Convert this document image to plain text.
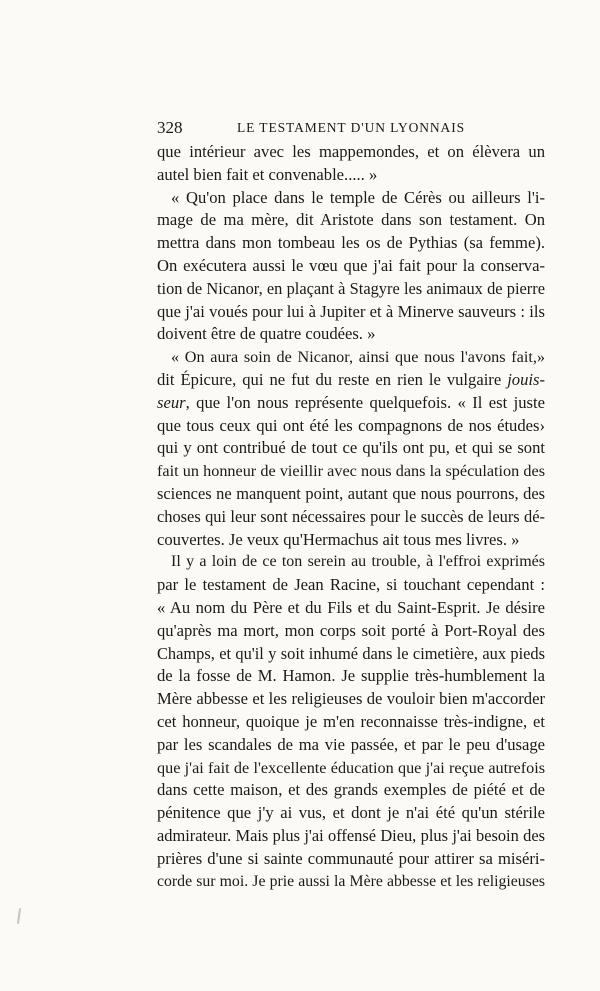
328	LE TESTAMENT D'UN LYONNAIS
que intérieur avec les mappemondes, et on élèvera un
autel bien fait et convenable..... »
« Qu'on place dans le temple de Cérès ou ailleurs l'i-
mage de ma mère, dit Aristote dans son testament. On
mettra dans mon tombeau les os de Pythias (sa femme).
On exécutera aussi le vœu que j'ai fait pour la conserva-
tion de Nicanor, en plaçant à Stagyre les animaux de pierre
que j'ai voués pour lui à Jupiter et à Minerve sauveurs : ils
doivent être de quatre coudées. »
« On aura soin de Nicanor, ainsi que nous l'avons fait,»
dit Épicure, qui ne fut du reste en rien le vulgaire jouis-
seur, que l'on nous représente quelquefois. « Il est juste
que tous ceux qui ont été les compagnons de nos études›
qui y ont contribué de tout ce qu'ils ont pu, et qui se sont
fait un honneur de vieillir avec nous dans la spéculation des
sciences ne manquent point, autant que nous pourrons, des
choses qui leur sont nécessaires pour le succès de leurs dé-
couvertes. Je veux qu'Hermachus ait tous mes livres. »
Il y a loin de ce ton serein au trouble, à l'effroi exprimés
par le testament de Jean Racine, si touchant cependant :
« Au nom du Père et du Fils et du Saint-Esprit. Je désire
qu'après ma mort, mon corps soit porté à Port-Royal des
Champs, et qu'il y soit inhumé dans le cimetière, aux pieds
de la fosse de M. Hamon. Je supplie très-humblement la
Mère abbesse et les religieuses de vouloir bien m'accorder
cet honneur, quoique je m'en reconnaisse très-indigne, et
par les scandales de ma vie passée, et par le peu d'usage
que j'ai fait de l'excellente éducation que j'ai reçue autrefois
dans cette maison, et des grands exemples de piété et de
pénitence que j'y ai vus, et dont je n'ai été qu'un stérile
admirateur. Mais plus j'ai offensé Dieu, plus j'ai besoin des
prières d'une si sainte communauté pour attirer sa miséri-
corde sur moi. Je prie aussi la Mère abbesse et les religieuses
